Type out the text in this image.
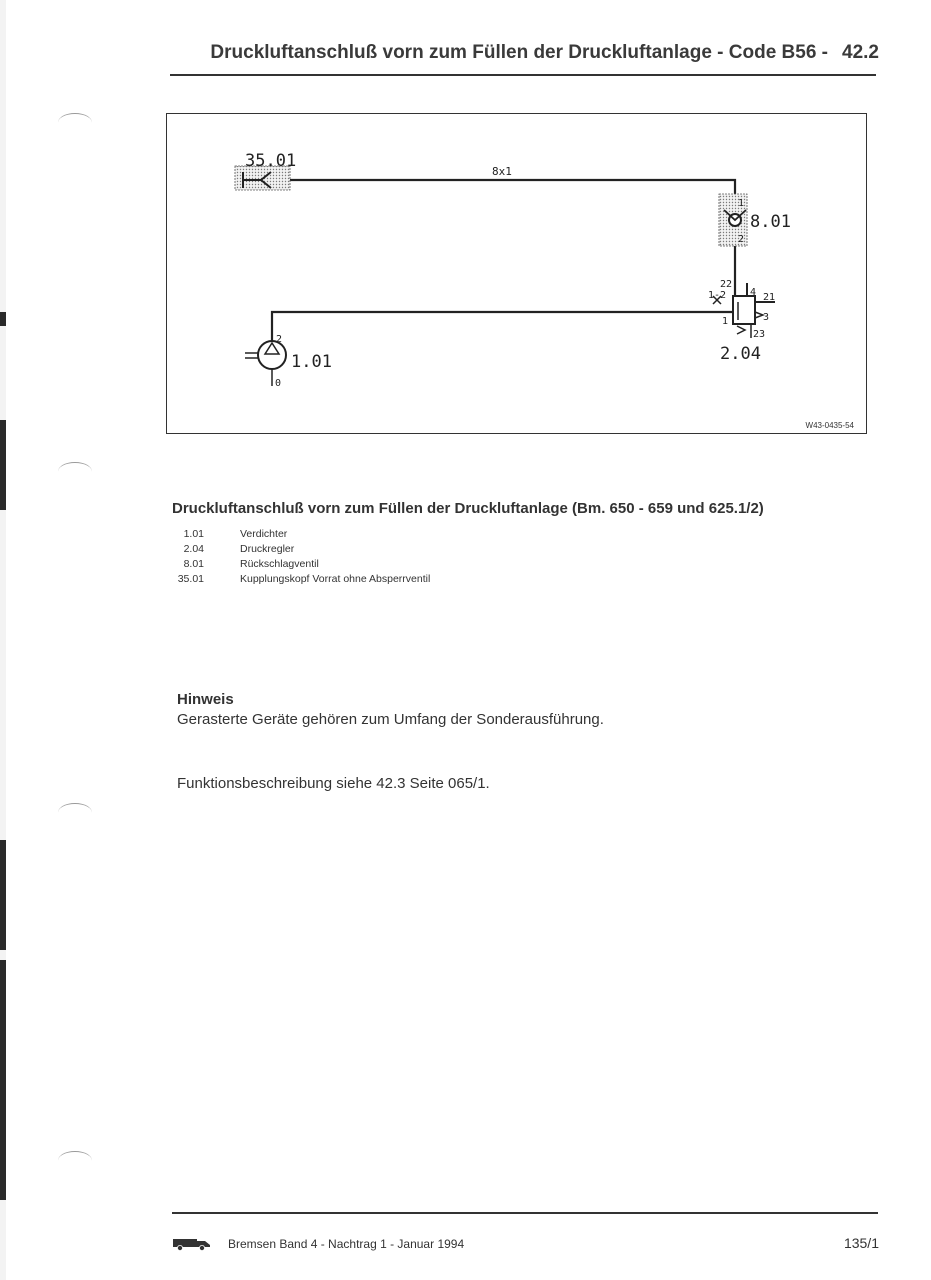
Druckluftanschluß vorn zum Füllen der Druckluftanlage - Code B56 - 42.2
35.01
8x1
1
2
8.01
22
1-2 4 21
1	3
23
2.04
2
0
1.01
W43-0435-54
Druckluftanschluß vorn zum Füllen der Druckluftanlage (Bm. 650 - 659 und 625.1/2)
1.01	Verdichter
2.04	Druckregler
8.01	Rückschlagventil
35.01	Kupplungskopf Vorrat ohne Absperrventil
Hinweis
Gerasterte Geräte gehören zum Umfang der Sonderausführung.
Funktionsbeschreibung siehe 42.3 Seite 065/1.
Bremsen Band 4 - Nachtrag 1 - Januar 1994	135/1
